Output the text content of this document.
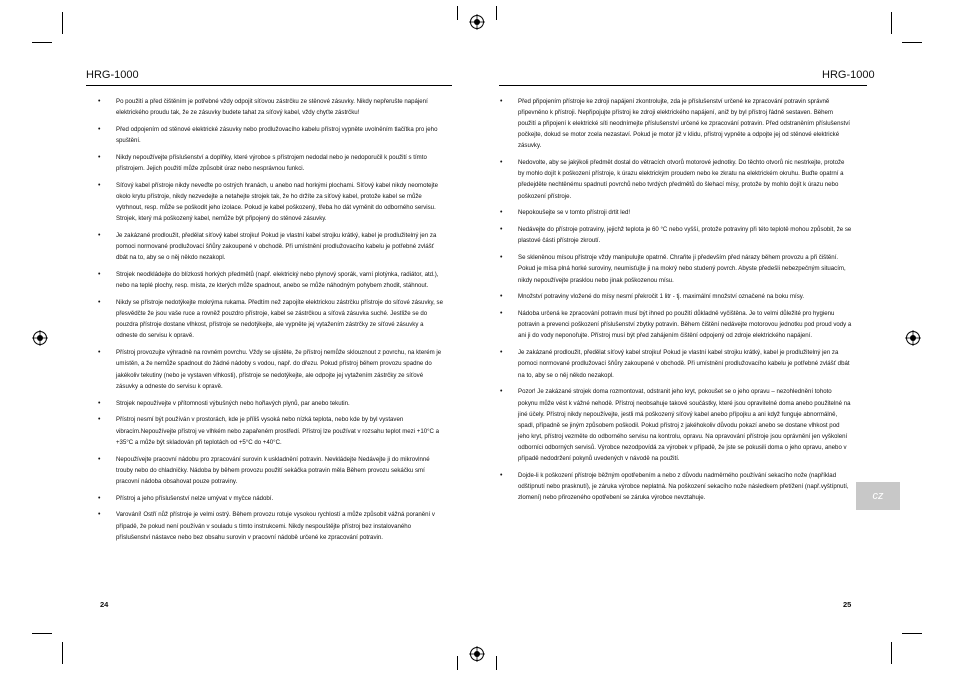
HRG-1000	HRG-1000
• Po použití a před čištěním je potřebné vždy odpojit síťovou zástrčku ze stěnové zásuvky. Nikdy nepřerušte napájení elektrického proudu tak, že ze zásuvky budete tahat za síťový kabel, vždy chyťte zástrčku!
• Před odpojením od stěnové elektrické zásuvky nebo prodlužovacího kabelu přístroj vypněte uvolněním tlačítka pro jeho spuštění.
• Nikdy nepoužívejte příslušenství a doplňky, které výrobce s přístrojem nedodal nebo je nedoporučil k použití s tímto přístrojem. Jejich použití může způsobit úraz nebo nesprávnou funkci.
• Síťový kabel přístroje nikdy neveďte po ostrých hranách, u anebo nad horkými plochami. Síťový kabel nikdy neomotejte okolo krytu přístroje, nikdy nezvedejte a netahejte strojek tak, že ho držíte za síťový kabel, protože kabel se může vytrhnout, resp. může se poškodit jeho izolace. Pokud je kabel poškozený, třeba ho dát vyměnit do odborného servisu. Strojek, který má poškozený kabel, nemůže být připojený do stěnové zásuvky.
• Je zakázané prodloužit, předělat síťový kabel strojku! Pokud je vlastní kabel strojku krátký, kabel je prodlužitelný jen za pomoci normované prodlužovací šňůry zakoupené v obchodě. Při umístnění prodlužovacího kabelu je potřebné zvlášť dbát na to, aby se o něj někdo nezakopl.
• Strojek neodkládejte do blízkosti horkých předmětů (např. elektrický nebo plynový sporák, varní plotýnka, radiátor, atd.), nebo na teplé plochy, resp. místa, ze kterých může spadnout, anebo se může náhodným pohybem zhodit, stáhnout.
• Nikdy se přístroje nedotýkejte mokrýma rukama. Předtím než zapojíte elektrickou zástrčku přístroje do síťové zásuvky, se přesvědčte že jsou vaše ruce a rovněž pouzdro přístroje, kabel se zástrčkou a síťová zásuvka suché. Jestliže se do pouzdra přístroje dostane vlhkost, přístroje se nedotýkejte, ale vypněte jej vytažením zástrčky ze síťové zásuvky a odneste do servisu k opravě.
• Přístroj provozujte výhradně na rovném povrchu. Vždy se ujistěte, že přístroj nemůže sklouznout z povrchu, na kterém je umístěn, a že nemůže spadnout do žádné nádoby s vodou, např. do dřezu. Pokud přístroj během provozu spadne do jakékoliv tekutiny (nebo je vystaven vlhkosti), přístroje se nedotýkejte, ale odpojte jej vytažením zástrčky ze síťové zásuvky a odneste do servisu k opravě.
• Strojek nepoužívejte v přítomnosti výbušných nebo hořlavých plynů, par anebo tekutin.
• Přístroj nesmí být používán v prostorách, kde je příliš vysoká nebo nízká teplota, nebo kde by byl vystaven vibracím.Nepoužívejte přístroj ve vlhkém nebo zapařeném prostředí. Přístroj lze používat v rozsahu teplot mezi +10°C a +35°C a může být skladován při teplotách od +5°C do +40°C.
• Nepoužívejte pracovní nádobu pro zpracování surovin k uskladnění potravin. Nevkládejte Nedávejte ji do mikrovlnné trouby nebo do chladničky. Nádoba by během provozu použití sekáčka potravin měla Během provozu sekáčku smí pracovní nádoba obsahovat pouze potraviny.
• Přístroj a jeho příslušenství nelze umývat v myčce nádobí.
• Varování! Ostří nůž přístroje je velmi ostrý. Během provozu rotuje vysokou rychlostí a může způsobit vážná poranění v případě, že pokud není používán v souladu s tímto instrukcemi. Nikdy nespouštějte přístroj bez instalovaného příslušenství nástavce nebo bez obsahu surovin v pracovní nádobě určené ke zpracování potravin.
• Před připojením přístroje ke zdroji napájení zkontrolujte, zda je příslušenství určené ke zpracování potravin správně připevněno k přístroji. Nepřipojujte přístroj ke zdroji elektrického napájení, aniž by byl přístroj řádně sestaven. Během použití a připojení k elektrické síti neodnímejte příslušenství určené ke zpracování potravin. Před odstraněním příslušenství počkejte, dokud se motor zcela nezastaví. Pokud je motor již v klidu, přístroj vypněte a odpojte jej od stěnové elektrické zásuvky.
• Nedovolte, aby se jakýkoli předmět dostal do větracích otvorů motorové jednotky. Do těchto otvorů nic nestrkejte, protože by mohlo dojít k poškození přístroje, k úrazu elektrickým proudem nebo ke zkratu na elektrickém okruhu. Buďte opatrní a předejděte nechtěnému spadnutí povrchů nebo tvrdých předmětů do šlehací mísy, protože by mohlo dojít k úrazu nebo poškození přístroje.
• Nepokoušejte se v tomto přístroji drtit led!
• Nedávejte do přístroje potraviny, jejichž teplota je 60 °C nebo vyšší, protože potraviny při této teplotě mohou způsobit, že se plastové části přístroje zkroutí.
• Se skleněnou mísou přístroje vždy manipulujte opatrně. Chraňte ji především před nárazy během provozu a při čištění. Pokud je mísa plná horké suroviny, neumisťujte ji na mokrý nebo studený povrch. Abyste předešli nebezpečným situacím, nikdy nepoužívejte prasklou nebo jinak poškozenou mísu.
• Množství potraviny vložené do mísy nesmí překročit 1 litr - tj. maximální množství označené na boku mísy.
• Nádoba určená ke zpracování potravin musí být ihned po použití důkladně vyčištěna. Je to velmi důležité pro hygienu potravin a prevenci poškození příslušenství zbytky potravin. Během čištění nedávejte motorovou jednotku pod proud vody a ani ji do vody neponořujte. Přístroj musí být před zahájením čištění odpojený od zdroje elektrického napájení.
• Je zakázané prodloužit, předělat síťový kabel strojku! Pokud je vlastní kabel strojku krátký, kabel je prodlužitelný jen za pomoci normované prodlužovací šňůry zakoupené v obchodě. Při umístnění prodlužovacího kabelu je potřebné zvlášť dbát na to, aby se o něj někdo nezakopl.
• Pozor! Je zakázané strojek doma rozmontovat, odstranit jeho kryt, pokoušet se o jeho opravu – nezohlednění tohoto pokynu může vést k vážné nehodě. Přístroj neobsahuje takové součástky, které jsou opravitelné doma anebo použitelné na jiné účely. Přístroj nikdy nepoužívejte, jestli má poškozený síťový kabel anebo přípojku a ani když funguje abnormálně, spadl, případně se jiným způsobem poškodil. Pokud přístroj z jakéhokoliv důvodu pokazí anebo se dostane vlhkost pod jeho kryt, přístroj vezměte do odborného servisu na kontrolu, opravu. Na opravování přístroje jsou oprávnění jen vyškolení odborníci odborných servisů. Výrobce nezodpovídá za výrobek v případě, že jste se pokusili doma o jeho opravu, anebo v případě nedodržení pokynů uvedených v návodě na použití.
• Dojde-li k poškození přístroje běžným opotřebením a nebo z důvodu nadměrného používání sekacího nože (například odštípnutí nebo prasknutí), je záruka výrobce neplatná. Na poškození sekacího nože následkem přetížení (např.vyštípnutí, zlomení) nebo přirozeného opotřebení se záruka výrobce nevztahuje.	cz
24	25
